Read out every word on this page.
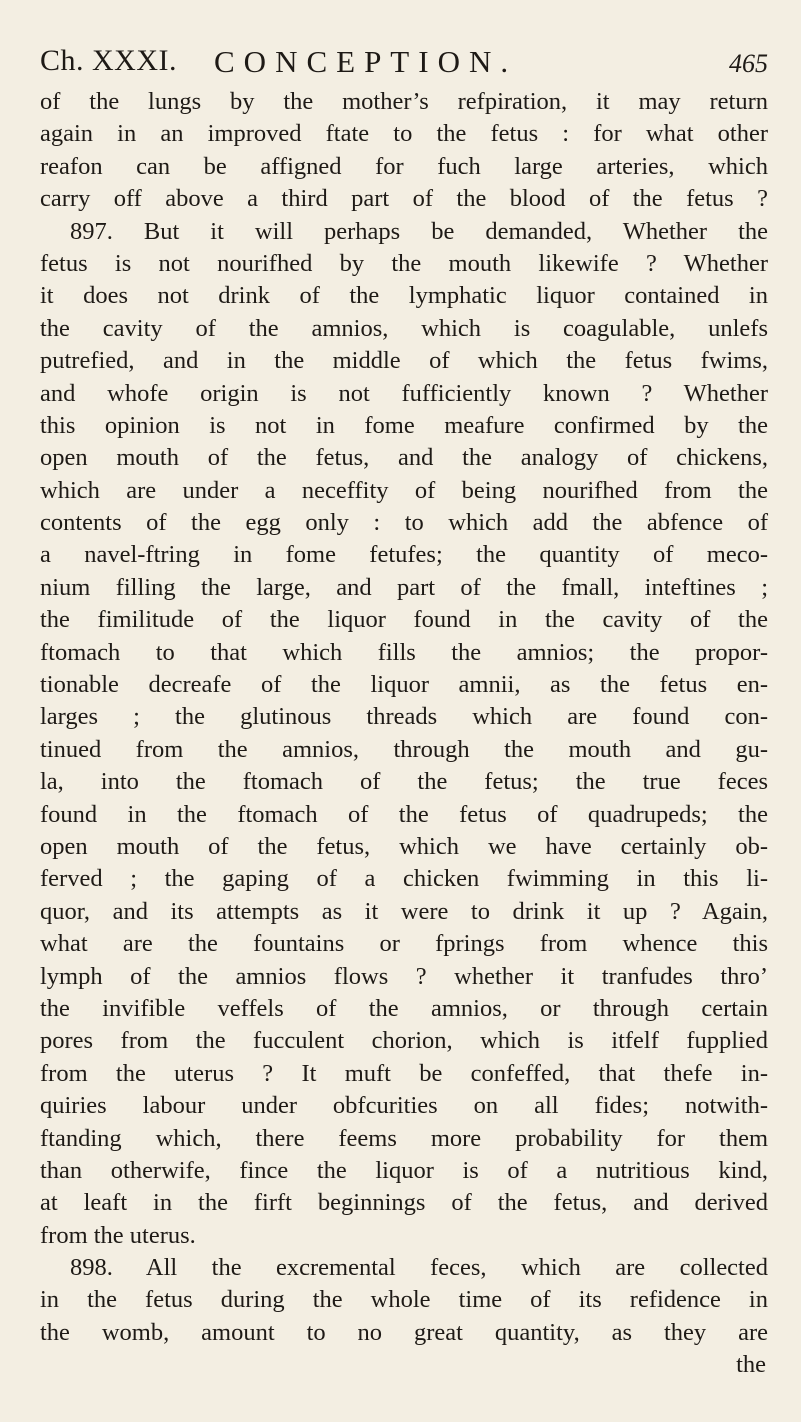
Ch. XXXI. CONCEPTION.	465
of the lungs by the mother’s refpiration, it may return
again in an improved ftate to the fetus : for what other
reafon can be affigned for fuch large arteries, which
carry off above a third part of the blood of the fetus ?
897. But it will perhaps be demanded, Whether the
fetus is not nourifhed by the mouth likewife ? Whether
it does not drink of the lymphatic liquor contained in
the cavity of the amnios, which is coagulable, unlefs
putrefied, and in the middle of which the fetus fwims,
and whofe origin is not fufficiently known ? Whether
this opinion is not in fome meafure confirmed by the
open mouth of the fetus, and the analogy of chickens,
which are under a neceffity of being nourifhed from the
contents of the egg only : to which add the abfence of
a navel-ftring in fome fetufes; the quantity of meco-
nium filling the large, and part of the fmall, inteftines ;
the fimilitude of the liquor found in the cavity of the
ftomach to that which fills the amnios; the propor-
tionable decreafe of the liquor amnii, as the fetus en-
larges ; the glutinous threads which are found con-
tinued from the amnios, through the mouth and gu-
la, into the ftomach of the fetus; the true feces
found in the ftomach of the fetus of quadrupeds; the
open mouth of the fetus, which we have certainly ob-
ferved ; the gaping of a chicken fwimming in this li-
quor, and its attempts as it were to drink it up ? Again,
what are the fountains or fprings from whence this
lymph of the amnios flows ? whether it tranfudes thro’
the invifible veffels of the amnios, or through certain
pores from the fucculent chorion, which is itfelf fupplied
from the uterus ? It muft be confeffed, that thefe in-
quiries labour under obfcurities on all fides; notwith-
ftanding which, there feems more probability for them
than otherwife, fince the liquor is of a nutritious kind,
at leaft in the firft beginnings of the fetus, and derived
from the uterus.
898. All the excremental feces, which are collected
in the fetus during the whole time of its refidence in
the womb, amount to no great quantity, as they are
the
